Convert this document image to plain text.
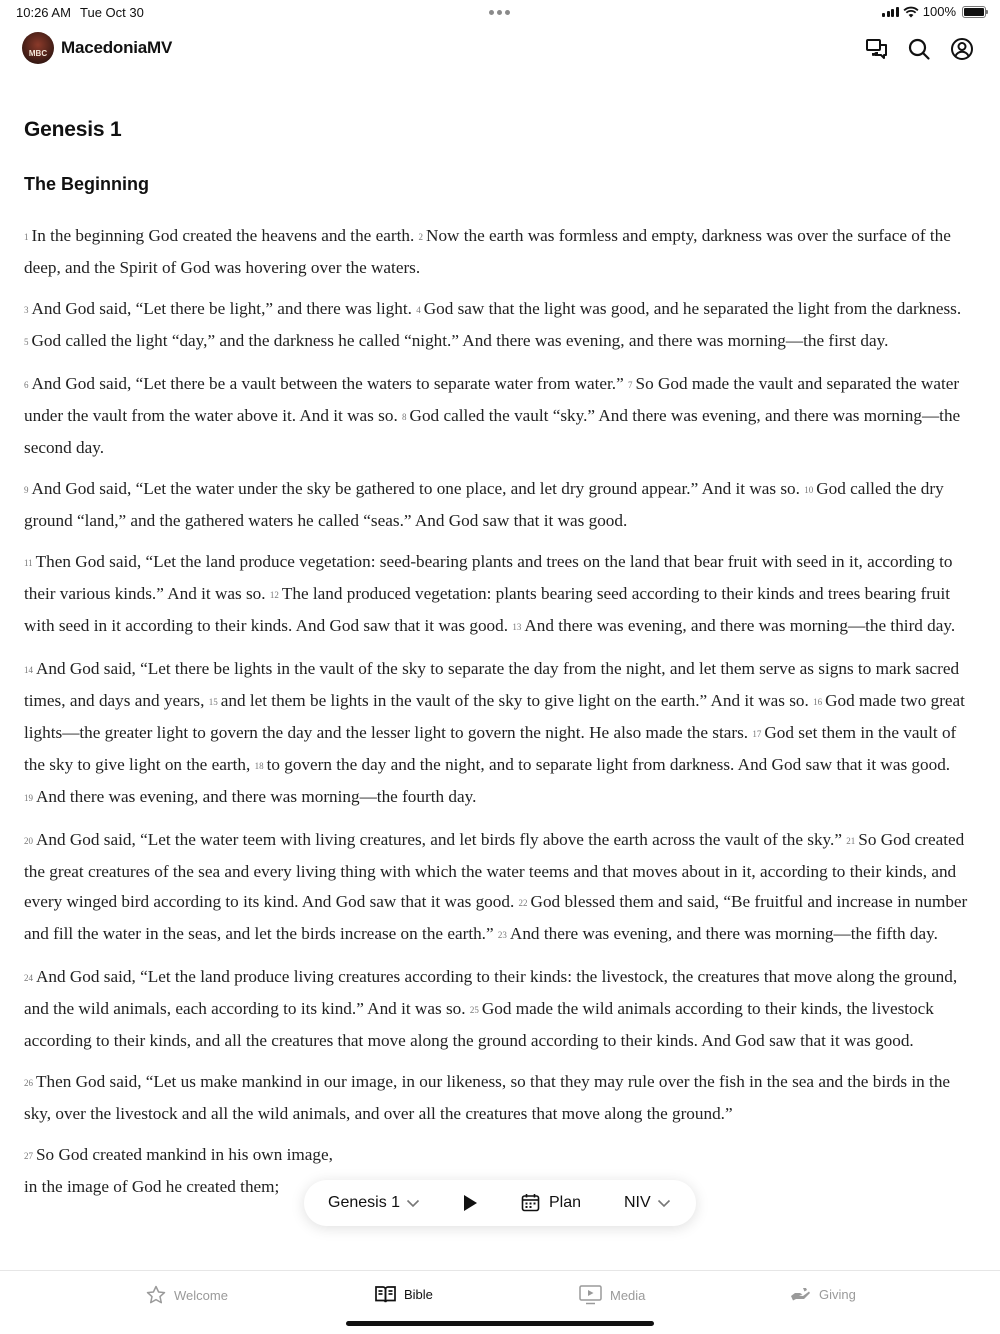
10:26 AM Tue Oct 30	100%
MBC MacedoniaMV
Genesis 1
The Beginning

1 In the beginning God created the heavens and the earth. 2 Now the earth was formless and empty, darkness was over the surface of the deep, and the Spirit of God was hovering over the waters.

3 And God said, “Let there be light,” and there was light. 4 God saw that the light was good, and he separated the light from the darkness. 5 God called the light “day,” and the darkness he called “night.” And there was evening, and there was morning—the first day.

6 And God said, “Let there be a vault between the waters to separate water from water.” 7 So God made the vault and separated the water under the vault from the water above it. And it was so. 8 God called the vault “sky.” And there was evening, and there was morning—the second day.

9 And God said, “Let the water under the sky be gathered to one place, and let dry ground appear.” And it was so. 10 God called the dry ground “land,” and the gathered waters he called “seas.” And God saw that it was good.

11 Then God said, “Let the land produce vegetation: seed-bearing plants and trees on the land that bear fruit with seed in it, according to their various kinds.” And it was so. 12 The land produced vegetation: plants bearing seed according to their kinds and trees bearing fruit with seed in it according to their kinds. And God saw that it was good. 13 And there was evening, and there was morning—the third day.

14 And God said, “Let there be lights in the vault of the sky to separate the day from the night, and let them serve as signs to mark sacred times, and days and years, 15 and let them be lights in the vault of the sky to give light on the earth.” And it was so. 16 God made two great lights—the greater light to govern the day and the lesser light to govern the night. He also made the stars. 17 God set them in the vault of the sky to give light on the earth, 18 to govern the day and the night, and to separate light from darkness. And God saw that it was good. 19 And there was evening, and there was morning—the fourth day.

20 And God said, “Let the water teem with living creatures, and let birds fly above the earth across the vault of the sky.” 21 So God created the great creatures of the sea and every living thing with which the water teems and that moves about in it, according to their kinds, and every winged bird according to its kind. And God saw that it was good. 22 God blessed them and said, “Be fruitful and increase in number and fill the water in the seas, and let the birds increase on the earth.” 23 And there was evening, and there was morning—the fifth day.

24 And God said, “Let the land produce living creatures according to their kinds: the livestock, the creatures that move along the ground, and the wild animals, each according to its kind.” And it was so. 25 God made the wild animals according to their kinds, the livestock according to their kinds, and all the creatures that move along the ground according to their kinds. And God saw that it was good.

26 Then God said, “Let us make mankind in our image, in our likeness, so that they may rule over the fish in the sea and the birds in the sky, over the livestock and all the wild animals, and over all the creatures that move along the ground.”

27 So God created mankind in his own image,
in the image of God he created them;

Genesis 1	Plan	NIV
Welcome	Bible	Media	Giving
